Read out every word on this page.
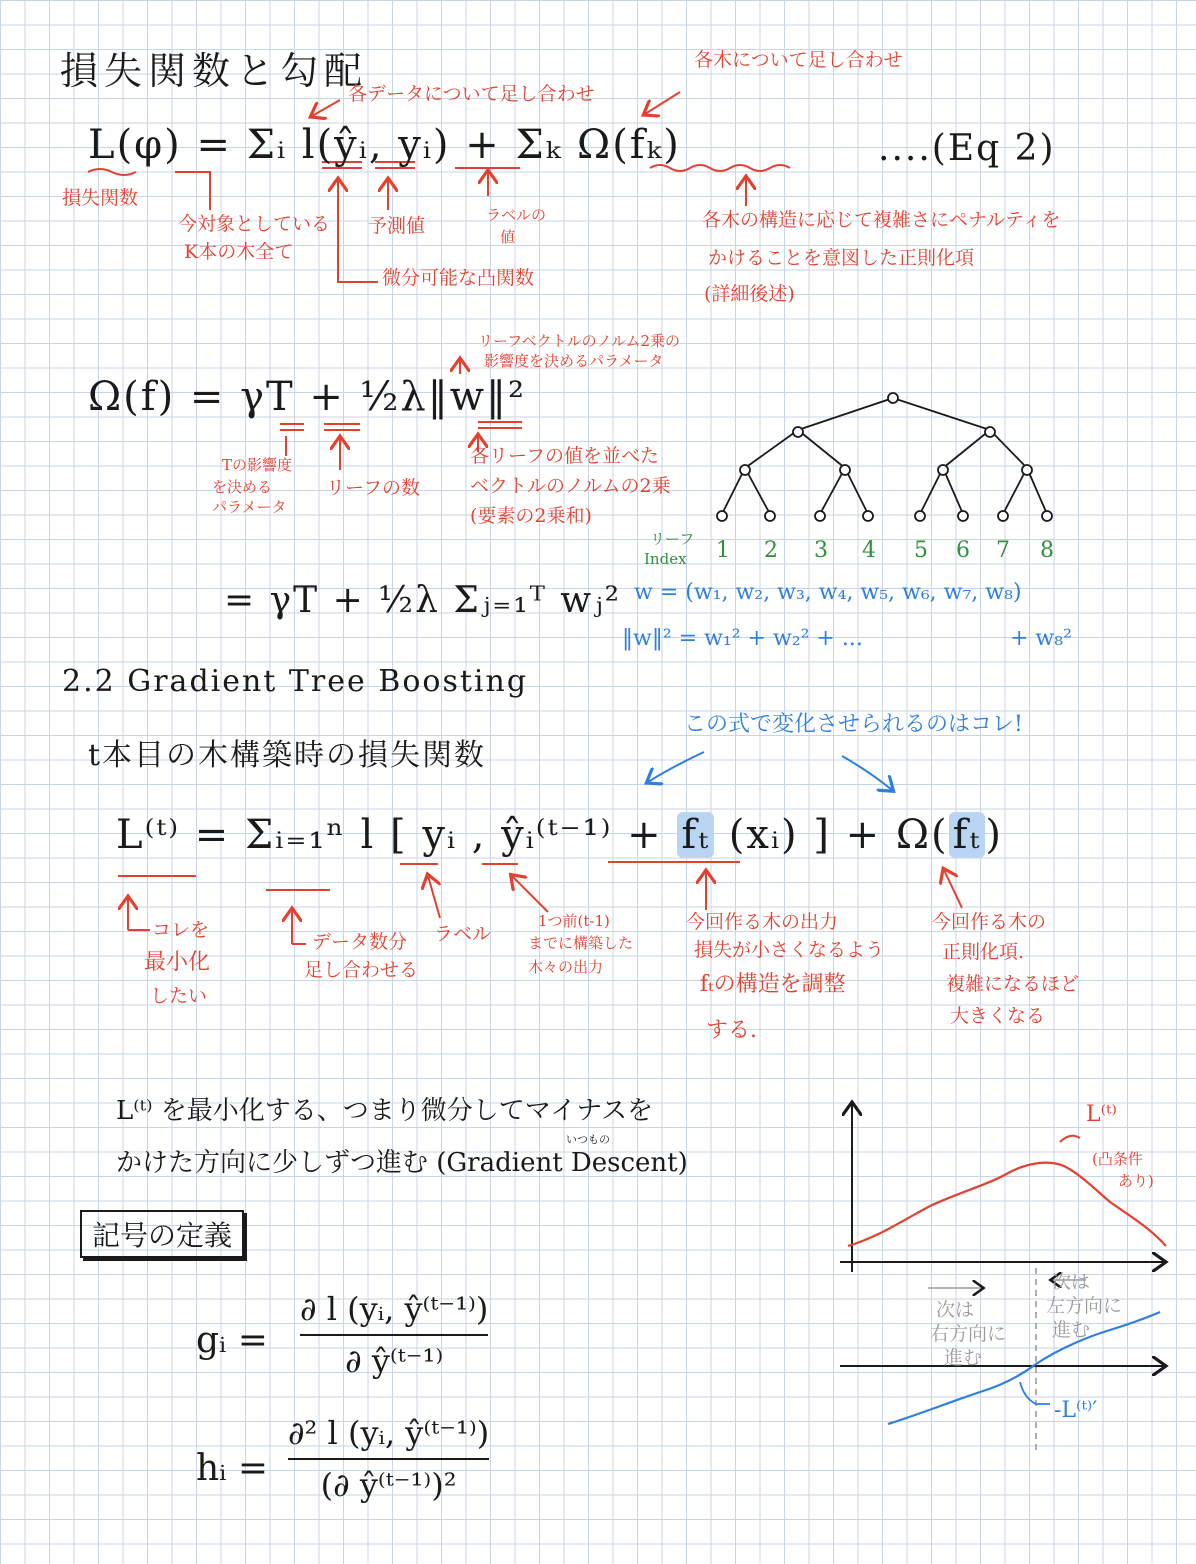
損失関数と勾配
各データについて足し合わせ
各木について足し合わせ
L(φ) = Σᵢ l(ŷᵢ, yᵢ) + Σₖ Ω(fₖ)	....(Eq 2)
損失関数
今対象としている
K本の木全て
予測値	ラベルの
値
微分可能な凸関数
各木の構造に応じて複雑さにペナルティを
かけることを意図した正則化項
(詳細後述)
リーフベクトルのノルム2乗の
影響度を決めるパラメータ
Ω(f) = γT + ½λ‖w‖²
Tの影響度
を決める
パラメータ
リーフの数
各リーフの値を並べた
ベクトルのノルムの2乗
(要素の2乗和)
リーフ
Index 1 2 3 4 5 6 7 8
w = (w₁, w₂, w₃, w₄, w₅, w₆, w₇, w₈)
= γT + ½λ Σⱼ₌₁ᵀ wⱼ²
‖w‖² = w₁² + w₂² + ...	+ w₈²
2.2 Gradient Tree Boosting
t本目の木構築時の損失関数
この式で変化させられるのはコレ!
L⁽ᵗ⁾ = Σᵢ₌₁ⁿ l [ yᵢ , ŷᵢ⁽ᵗ⁻¹⁾ + fₜ (xᵢ) ] + Ω( fₜ )
コレを
最小化
したい
データ数分
足し合わせる
ラベル
1つ前(t-1)
までに構築した
木々の出力
今回作る木の出力
損失が小さくなるよう
fₜの構造を調整
する.
今回作る木の
正則化項.
複雑になるほど
大きくなる
L⁽ᵗ⁾ を最小化する、つまり微分してマイナスを
いつもの
かけた方向に少しずつ進む (Gradient Descent)
記号の定義
gᵢ =
∂ l (yᵢ, ŷ⁽ᵗ⁻¹⁾)
∂ ŷ⁽ᵗ⁻¹⁾
hᵢ =
∂² l (yᵢ, ŷ⁽ᵗ⁻¹⁾)
(∂ ŷ⁽ᵗ⁻¹⁾)²
L⁽ᵗ⁾
(凸条件
あり)
次は
右方向に
進む
次は
左方向に
進む
-L⁽ᵗ⁾′
